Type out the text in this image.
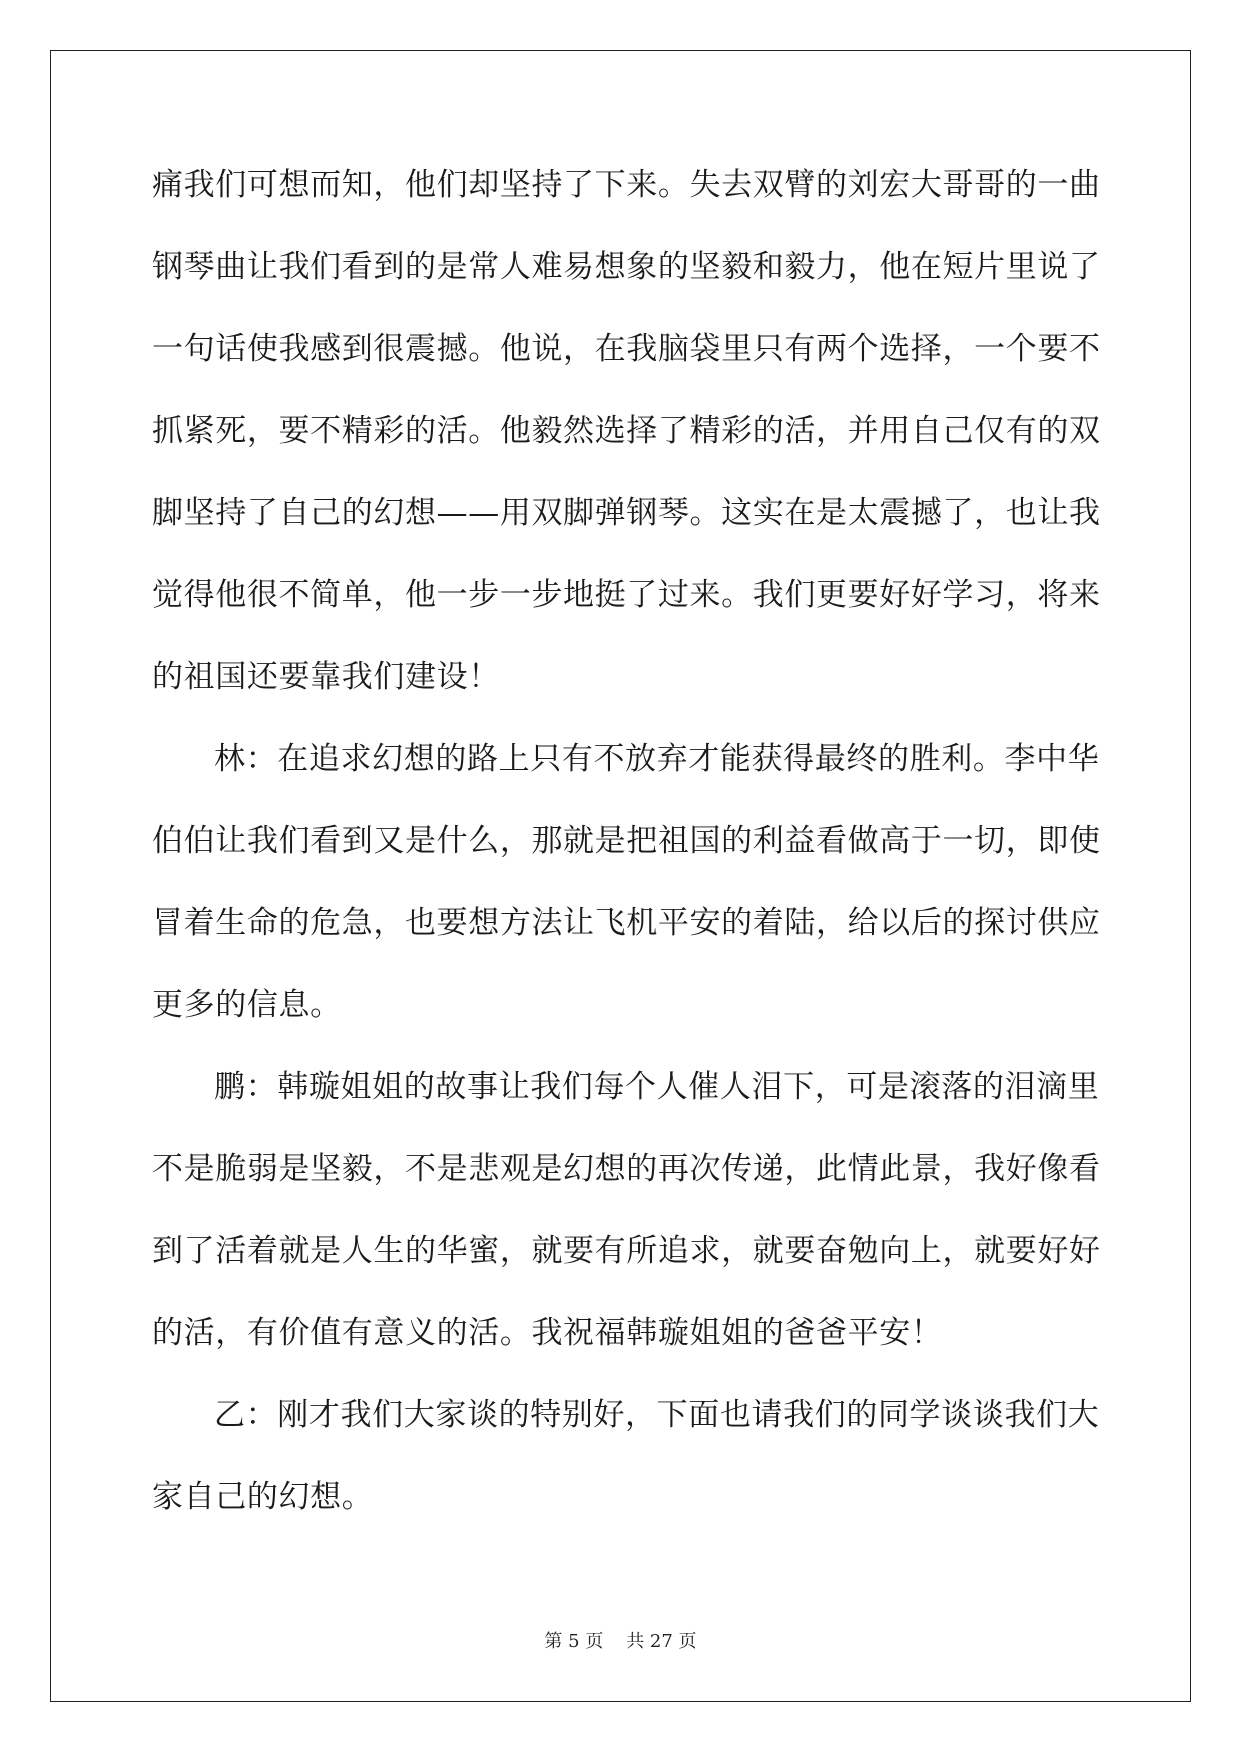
痛我们可想而知，他们却坚持了下来。失去双臂的刘宏大哥哥的一曲
钢琴曲让我们看到的是常人难易想象的坚毅和毅力，他在短片里说了
一句话使我感到很震撼。他说，在我脑袋里只有两个选择，一个要不
抓紧死，要不精彩的活。他毅然选择了精彩的活，并用自己仅有的双
脚坚持了自己的幻想——用双脚弹钢琴。这实在是太震撼了，也让我
觉得他很不简单，他一步一步地挺了过来。我们更要好好学习，将来
的祖国还要靠我们建设！
林：在追求幻想的路上只有不放弃才能获得最终的胜利。李中华
伯伯让我们看到又是什么，那就是把祖国的利益看做高于一切，即使
冒着生命的危急，也要想方法让飞机平安的着陆，给以后的探讨供应
更多的信息。
鹏：韩璇姐姐的故事让我们每个人催人泪下，可是滚落的泪滴里
不是脆弱是坚毅，不是悲观是幻想的再次传递，此情此景，我好像看
到了活着就是人生的华蜜，就要有所追求，就要奋勉向上，就要好好
的活，有价值有意义的活。我祝福韩璇姐姐的爸爸平安！
乙：刚才我们大家谈的特别好，下面也请我们的同学谈谈我们大
家自己的幻想。
第 5 页    共 27 页
